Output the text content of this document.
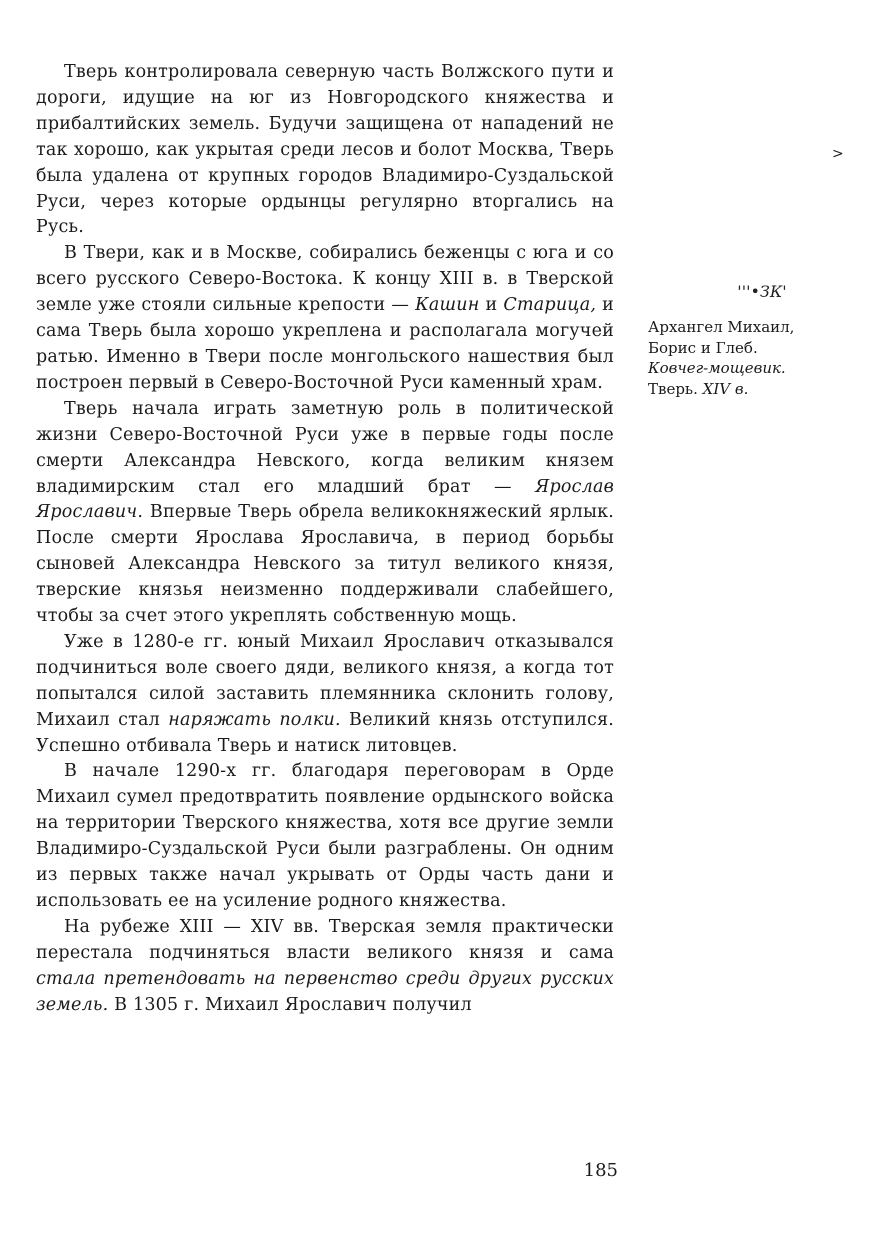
Тверь контролировала северную часть Волжского пути и дороги, идущие на юг из Новгородского княжества и прибалтийских земель. Будучи защищена от нападений не так хорошо, как укрытая среди лесов и болот Москва, Тверь была удалена от крупных городов Владимиро-Суздальской Руси, через которые ордынцы регулярно вторгались на Русь.

В Твери, как и в Москве, собирались беженцы с юга и со всего русского Северо-Востока. К концу XIII в. в Тверской земле уже стояли сильные крепости — Кашин и Старица, и сама Тверь была хорошо укреплена и располагала могучей ратью. Именно в Твери после монгольского нашествия был построен первый в Северо-Восточной Руси каменный храм.

Тверь начала играть заметную роль в политической жизни Северо-Восточной Руси уже в первые годы после смерти Александра Невского, когда великим князем владимирским стал его младший брат — Ярослав Ярославич. Впервые Тверь обрела великокняжеский ярлык. После смерти Ярослава Ярославича, в период борьбы сыновей Александра Невского за титул великого князя, тверские князья неизменно поддерживали слабейшего, чтобы за счет этого укреплять собственную мощь.

Уже в 1280-е гг. юный Михаил Ярославич отказывался подчиниться воле своего дяди, великого князя, а когда тот попытался силой заставить племянника склонить голову, Михаил стал наряжать полки. Великий князь отступился. Успешно отбивала Тверь и натиск литовцев.

В начале 1290-х гг. благодаря переговорам в Орде Михаил сумел предотвратить появление ордынского войска на территории Тверского княжества, хотя все другие земли Владимиро-Суздальской Руси были разграблены. Он одним из первых также начал укрывать от Орды часть дани и использовать ее на усиление родного княжества.

На рубеже XIII — XIV вв. Тверская земля практически перестала подчиняться власти великого князя и сама стала претендовать на первенство среди других русских земель. В 1305 г. Михаил Ярославич получил

>
'''•ЗК'
Архангел Михаил,
Борис и Глеб.
Ковчег-мощевик.
Тверь. XIV в.
185
